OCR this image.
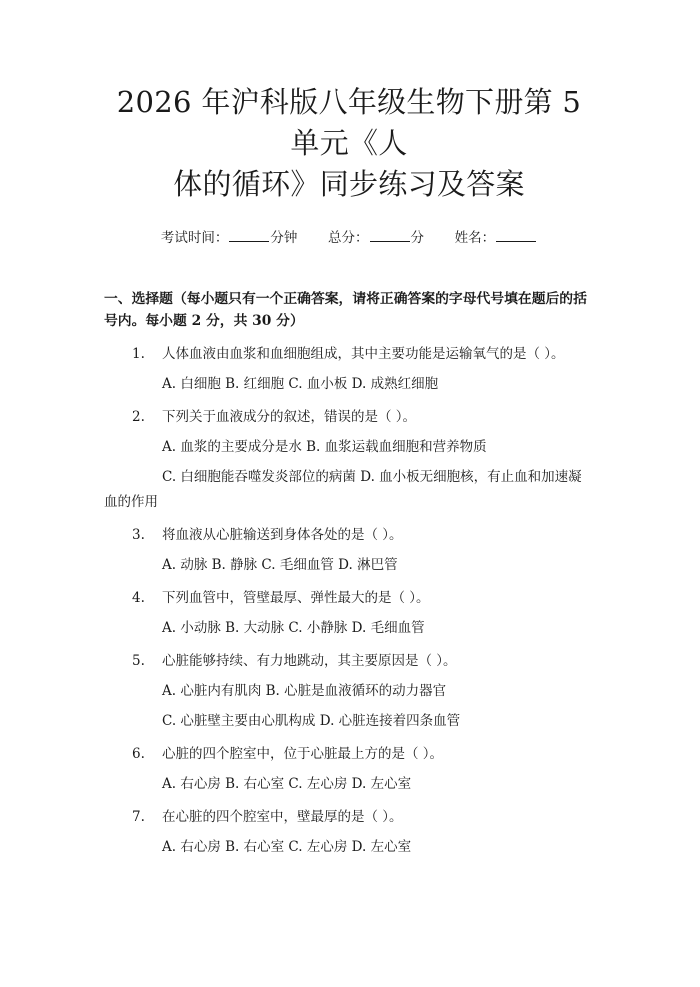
2026 年沪科版八年级生物下册第 5 单元《人
体的循环》同步练习及答案
考试时间：	分钟 总分：	分 姓名：
一、选择题（每小题只有一个正确答案，请将正确答案的字母代号填在题后的括号内。每小题 2 分，共 30 分）
1.	人体血液由血浆和血细胞组成，其中主要功能是运输氧气的是（ ）。
A. 白细胞 B. 红细胞 C. 血小板 D. 成熟红细胞
2.	下列关于血液成分的叙述，错误的是（ ）。
A. 血浆的主要成分是水 B. 血浆运载血细胞和营养物质
C. 白细胞能吞噬发炎部位的病菌 D. 血小板无细胞核，有止血和加速凝血的作用
3.	将血液从心脏输送到身体各处的是（ ）。
A. 动脉 B. 静脉 C. 毛细血管 D. 淋巴管
4.	下列血管中，管壁最厚、弹性最大的是（ ）。
A. 小动脉 B. 大动脉 C. 小静脉 D. 毛细血管
5.	心脏能够持续、有力地跳动，其主要原因是（ ）。
A. 心脏内有肌肉 B. 心脏是血液循环的动力器官
C. 心脏壁主要由心肌构成 D. 心脏连接着四条血管
6.	心脏的四个腔室中，位于心脏最上方的是（ ）。
A. 右心房 B. 右心室 C. 左心房 D. 左心室
7.	在心脏的四个腔室中，壁最厚的是（ ）。
A. 右心房 B. 右心室 C. 左心房 D. 左心室
